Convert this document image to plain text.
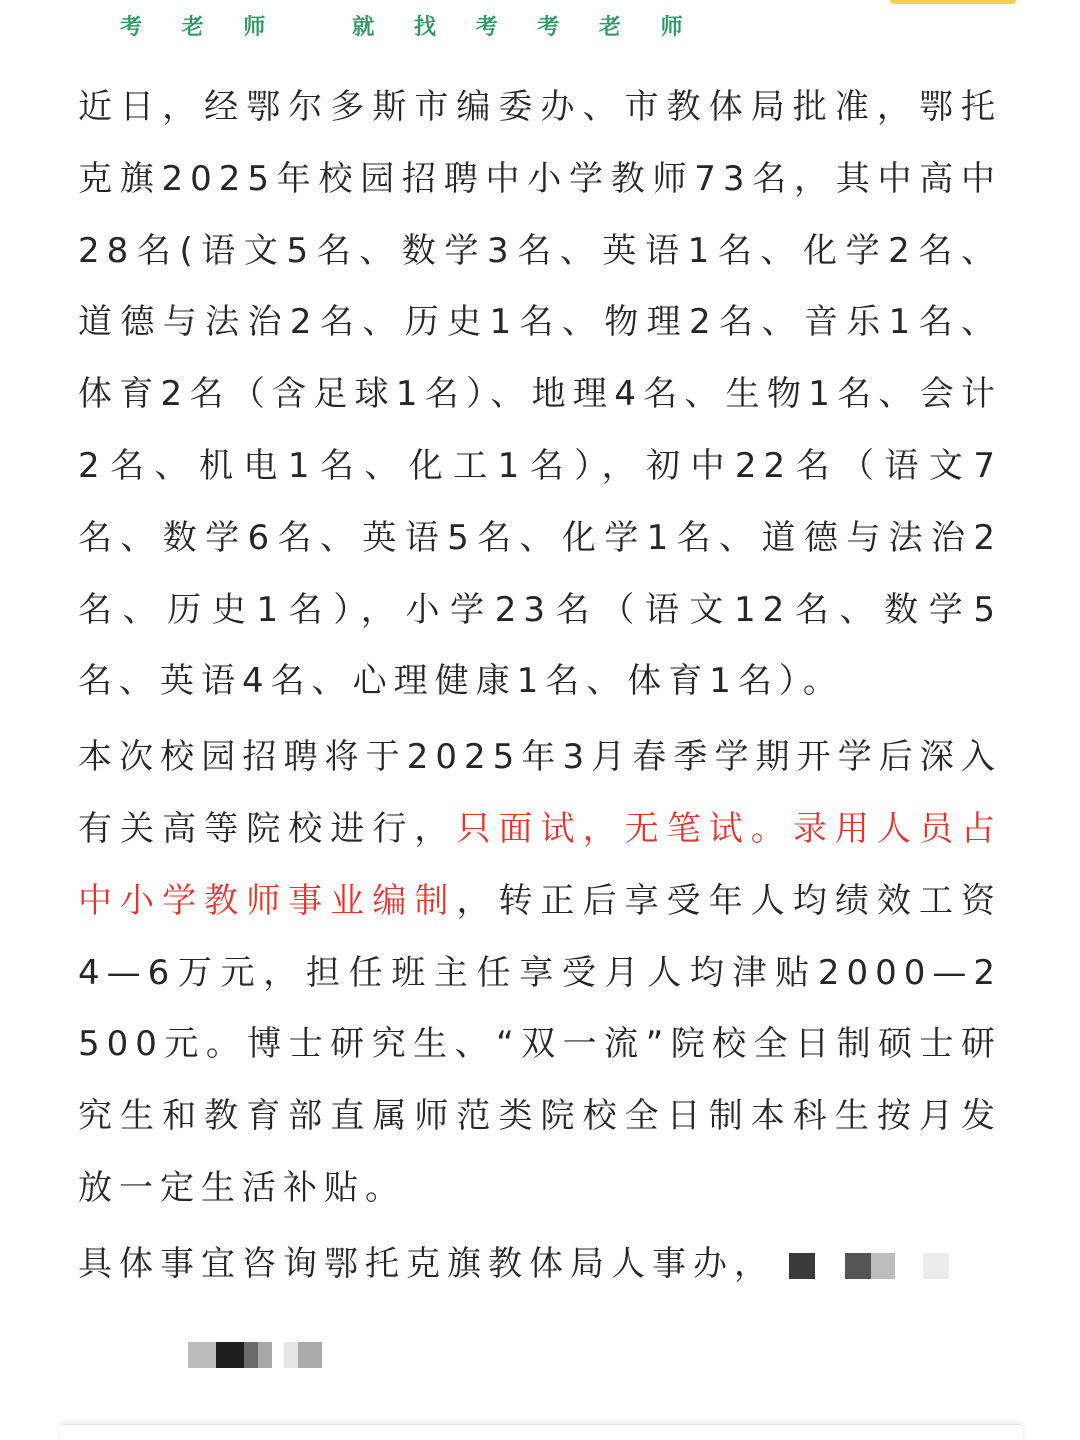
考 老 师   就 找 考 考 老 师

近日，经鄂尔多斯市编委办、市教体局批准，鄂托克旗2025年校园招聘中小学教师73名，其中高中28名(语文5名、数学3名、英语1名、化学2名、道德与法治2名、历史1名、物理2名、音乐1名、体育2名（含足球1名）、地理4名、生物1名、会计2名、机电1名、化工1名），初中22名（语文7名、数学6名、英语5名、化学1名、道德与法治2名、历史1名），小学23名（语文12名、数学5名、英语4名、心理健康1名、体育1名）。

本次校园招聘将于2025年3月春季学期开学后深入有关高等院校进行，只面试，无笔试。录用人员占中小学教师事业编制，转正后享受年人均绩效工资4—6万元，担任班主任享受月人均津贴2000—2500元。博士研究生、“双一流”院校全日制硕士研究生和教育部直属师范类院校全日制本科生按月发放一定生活补贴。

具体事宜咨询鄂托克旗教体局人事办，
